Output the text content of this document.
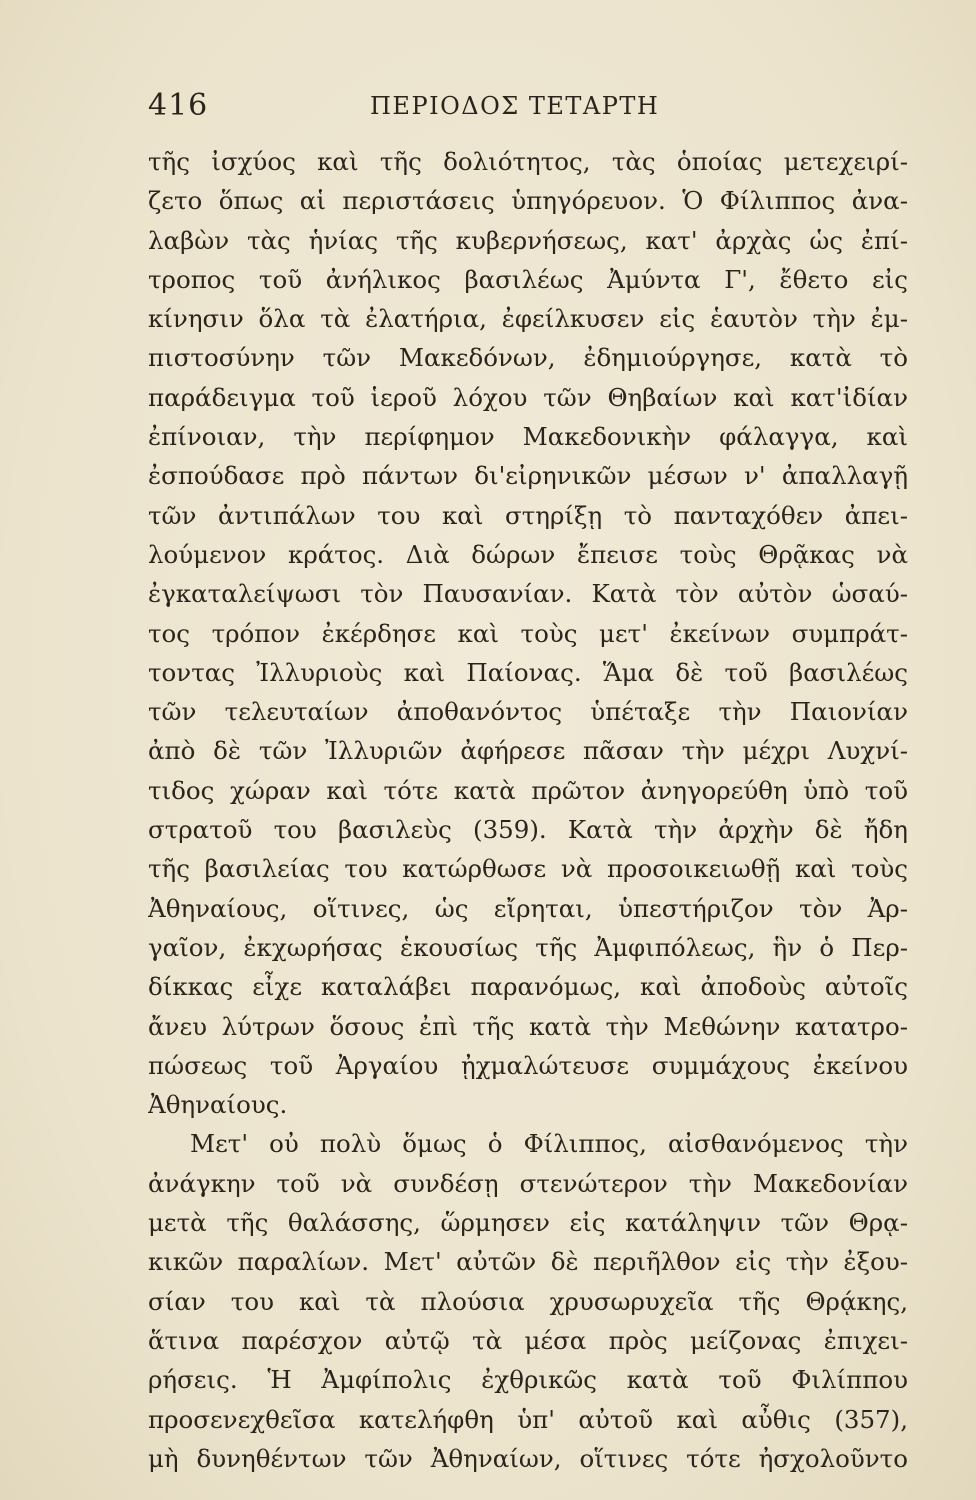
416	ΠΕΡΙΟΔΟΣ ΤΕΤΑΡΤΗ
τῆς ἰσχύος καὶ τῆς δολιότητος, τὰς ὁποίας μετεχειρί-
ζετο ὅπως αἱ περιστάσεις ὑπηγόρευον. Ὁ Φίλιππος ἀνα-
λαβὼν τὰς ἡνίας τῆς κυβερνήσεως, κατ' ἀρχὰς ὡς ἐπί-
τροπος τοῦ ἀνήλικος βασιλέως Ἀμύντα Γ', ἔθετο εἰς
κίνησιν ὅλα τὰ ἐλατήρια, ἐφείλκυσεν εἰς ἑαυτὸν τὴν ἐμ-
πιστοσύνην τῶν Μακεδόνων, ἐδημιούργησε, κατὰ τὸ
παράδειγμα τοῦ ἱεροῦ λόχου τῶν Θηβαίων καὶ κατ'ἰδίαν
ἐπίνοιαν, τὴν περίφημον Μακεδονικὴν φάλαγγα, καὶ
ἐσπούδασε πρὸ πάντων δι'εἰρηνικῶν μέσων ν' ἀπαλλαγῇ
τῶν ἀντιπάλων του καὶ στηρίξῃ τὸ πανταχόθεν ἀπει-
λούμενον κράτος. Διὰ δώρων ἔπεισε τοὺς Θρᾷκας νὰ
ἐγκαταλείψωσι τὸν Παυσανίαν. Κατὰ τὸν αὐτὸν ὡσαύ-
τος τρόπον ἐκέρδησε καὶ τοὺς μετ' ἐκείνων συμπράτ-
τοντας Ἰλλυριοὺς καὶ Παίονας. Ἅμα δὲ τοῦ βασιλέως
τῶν τελευταίων ἀποθανόντος ὑπέταξε τὴν Παιονίαν
ἀπὸ δὲ τῶν Ἰλλυριῶν ἀφήρεσε πᾶσαν τὴν μέχρι Λυχνί-
τιδος χώραν καὶ τότε κατὰ πρῶτον ἀνηγορεύθη ὑπὸ τοῦ
στρατοῦ του βασιλεὺς (359). Κατὰ τὴν ἀρχὴν δὲ ἤδη
τῆς βασιλείας του κατώρθωσε νὰ προσοικειωθῇ καὶ τοὺς
Ἀθηναίους, οἵτινες, ὡς εἴρηται, ὑπεστήριζον τὸν Ἀρ-
γαῖον, ἐκχωρήσας ἑκουσίως τῆς Ἀμφιπόλεως, ἣν ὁ Περ-
δίκκας εἶχε καταλάβει παρανόμως, καὶ ἀποδοὺς αὐτοῖς
ἄνευ λύτρων ὅσους ἐπὶ τῆς κατὰ τὴν Μεθώνην κατατρο-
πώσεως τοῦ Ἀργαίου ᾐχμαλώτευσε συμμάχους ἐκείνου
Ἀθηναίους.
Μετ' οὐ πολὺ ὅμως ὁ Φίλιππος, αἰσθανόμενος τὴν
ἀνάγκην τοῦ νὰ συνδέσῃ στενώτερον τὴν Μακεδονίαν
μετὰ τῆς θαλάσσης, ὥρμησεν εἰς κατάληψιν τῶν Θρᾳ-
κικῶν παραλίων. Μετ' αὐτῶν δὲ περιῆλθον εἰς τὴν ἐξου-
σίαν του καὶ τὰ πλούσια χρυσωρυχεῖα τῆς Θρᾴκης,
ἅτινα παρέσχον αὐτῷ τὰ μέσα πρὸς μείζονας ἐπιχει-
ρήσεις. Ἡ Ἀμφίπολις ἐχθρικῶς κατὰ τοῦ Φιλίππου
προσενεχθεῖσα κατελήφθη ὑπ' αὐτοῦ καὶ αὖθις (357),
μὴ δυνηθέντων τῶν Ἀθηναίων, οἵτινες τότε ἠσχολοῦντο
